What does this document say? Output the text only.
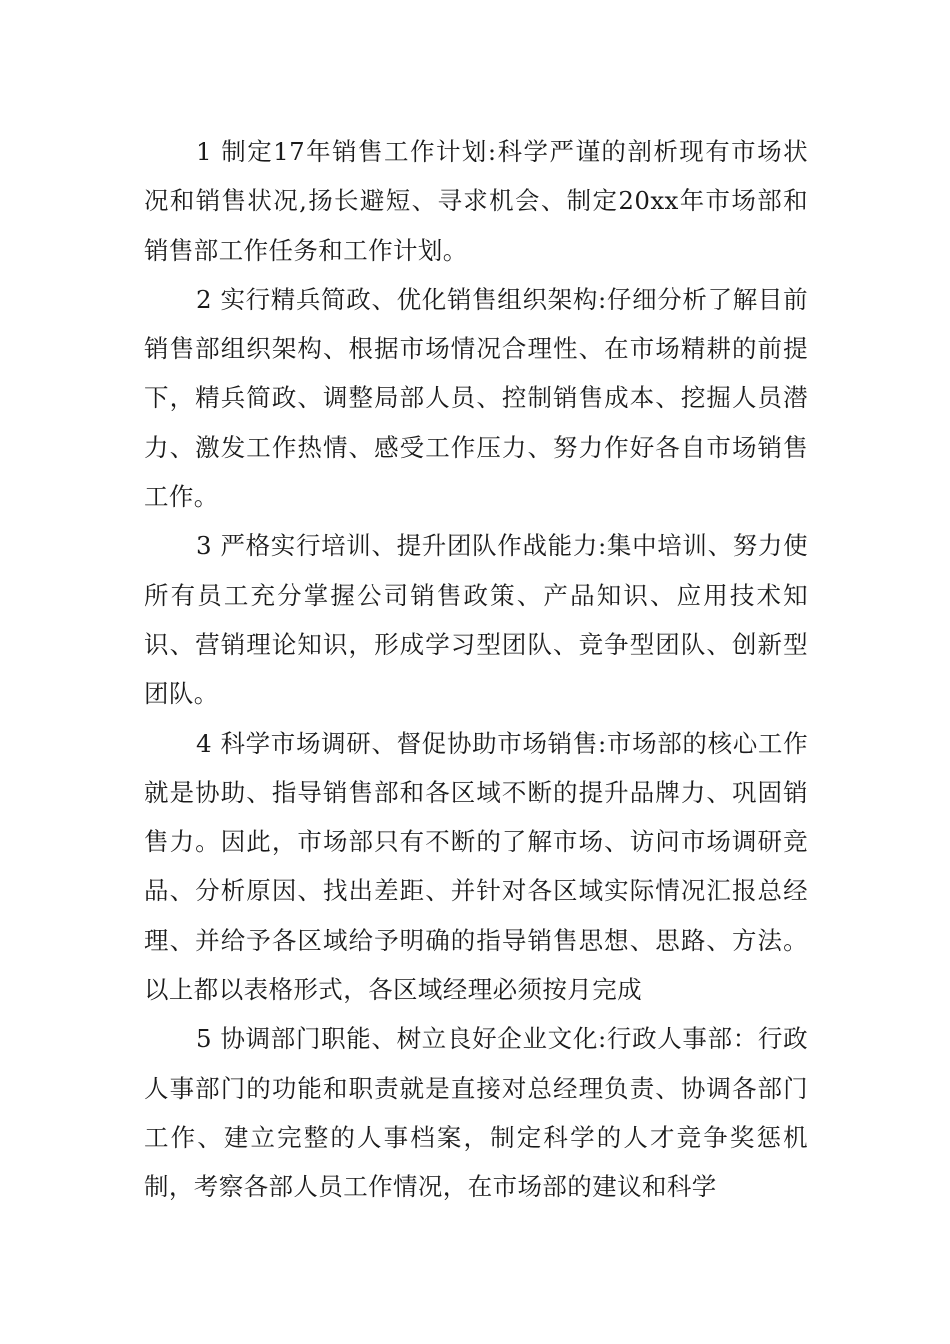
1 制定17年销售工作计划:科学严谨的剖析现有市场状况和销售状况,扬长避短、寻求机会、制定20xx年市场部和销售部工作任务和工作计划。

2 实行精兵简政、优化销售组织架构:仔细分析了解目前销售部组织架构、根据市场情况合理性、在市场精耕的前提下，精兵简政、调整局部人员、控制销售成本、挖掘人员潜力、激发工作热情、感受工作压力、努力作好各自市场销售工作。

3 严格实行培训、提升团队作战能力:集中培训、努力使所有员工充分掌握公司销售政策、产品知识、应用技术知识、营销理论知识，形成学习型团队、竞争型团队、创新型团队。

4 科学市场调研、督促协助市场销售:市场部的核心工作就是协助、指导销售部和各区域不断的提升品牌力、巩固销售力。因此，市场部只有不断的了解市场、访问市场调研竞品、分析原因、找出差距、并针对各区域实际情况汇报总经理、并给予各区域给予明确的指导销售思想、思路、方法。以上都以表格形式，各区域经理必须按月完成

5 协调部门职能、树立良好企业文化:行政人事部：行政人事部门的功能和职责就是直接对总经理负责、协调各部门工作、建立完整的人事档案，制定科学的人才竞争奖惩机制，考察各部人员工作情况，在市场部的建议和科学
